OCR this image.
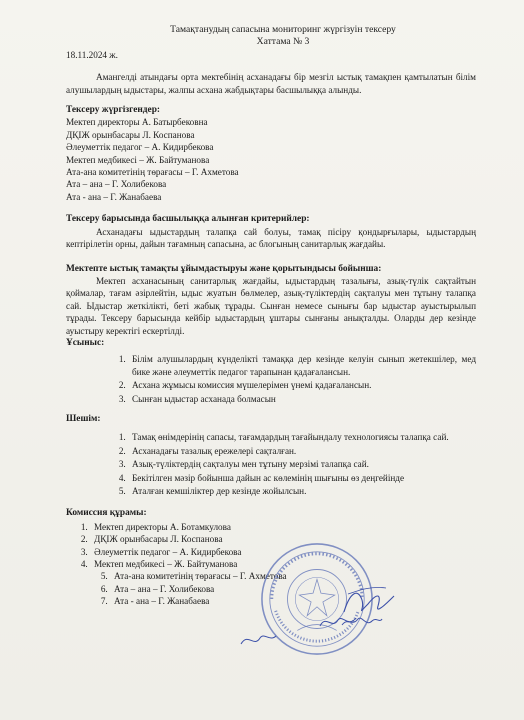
Тамақтанудың сапасына мониторинг жүргізуін тексеру
Хаттама № 3
18.11.2024 ж.

Амангелді атындағы орта мектебінің асханадағы бір мезгіл ыстық тамақпен қамтылатын білім алушылардың ыдыстары, жалпы асхана жабдықтары басшылыққа алынды.

Тексеру жүргізгендер:

Мектеп директоры А. Батырбековна

ДҚІЖ орынбасары Л. Коспанова

Әлеуметтік педагог – А. Кидирбекова

Мектеп медбикесі – Ж. Байтуманова

Ата-ана комитетінің төрағасы – Г. Ахметова

Ата – ана – Г. Холибекова

Ата - ана – Г. Жанабаева

Тексеру барысында басшылыққа алынған критерийлер:

Асханадағы ыдыстардың талапқа сай болуы, тамақ пісіру қондырғылары, ыдыстардың кептірілетін орны, дайын тағамның сапасына, ас блогының санитарлық жағдайы.

Мектепте ыстық тамақты ұйымдастыруы және қорытындысы бойынша:

Мектеп асханасының санитарлық жағдайы, ыдыстардың тазалығы, азық-түлік сақтайтын қоймалар, тағам әзірлейтін, ыдыс жуатын бөлмелер, азық-түліктердің сақталуы мен тұтыну талапқа сай. Ыдыстар жеткілікті, беті жабық тұрады. Сынған немесе сынығы бар ыдыстар ауыстырылып тұрады. Тексеру барысында кейбір ыдыстардың ұштары сынғаны анықталды. Оларды дер кезінде ауыстыру керектігі ескертілді.

Ұсыныс:
1. Білім алушылардың күнделікті тамаққа дер кезінде келуін сынып жетекшілер, мед бике және әлеуметтік педагог тарапынан қадағалансын.
2. Асхана жұмысы комиссия мүшелерімен үнемі қадағалансын.
3. Сынған ыдыстар асханада болмасын
Шешім:
1. Тамақ өнімдерінің сапасы, тағамдардың тағайындалу технологиясы талапқа сай.
2. Асханадағы тазалық ережелері сақталған.
3. Азық-түліктердің сақталуы мен тұтыну мерзімі талапқа сай.
4. Бекітілген мәзір бойынша дайын ас көлемінің шығыны өз деңгейінде
5. Аталған кемшіліктер дер кезінде жойылсын.
Комиссия құрамы:
1. Мектеп директоры А. Ботамкулова
2. ДҚІЖ орынбасары Л. Коспанова
3. Әлеуметтік педагог – А. Кидирбекова
4. Мектеп медбикесі – Ж. Байтуманова
5. Ата-ана комитетінің төрағасы – Г. Ахметова
6. Ата – ана – Г. Холибекова
7. Ата - ана – Г. Жанабаева
